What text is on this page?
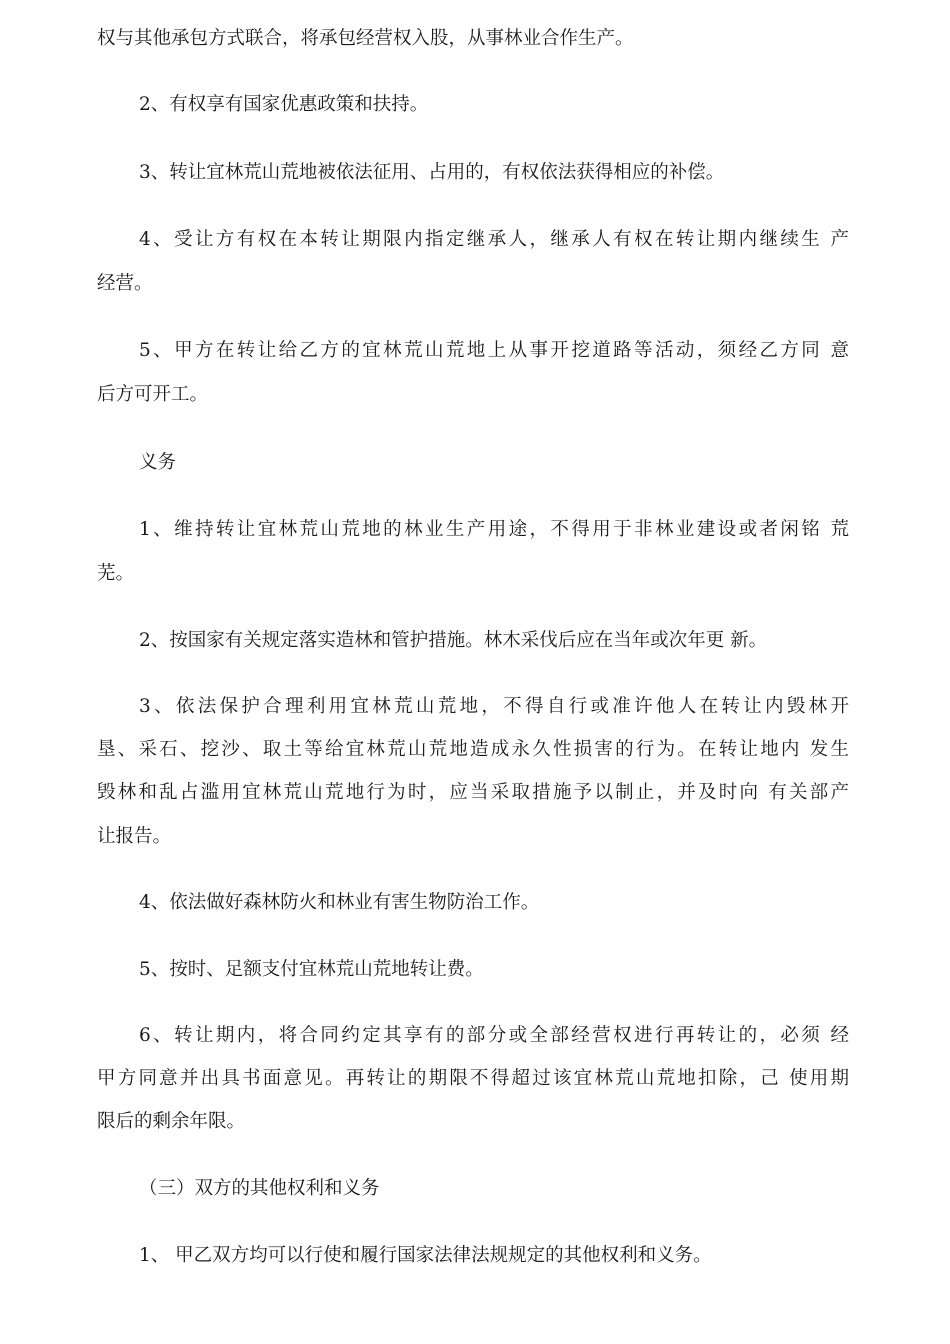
权与其他承包方式联合，将承包经营权入股，从事林业合作生产。
2、有权享有国家优惠政策和扶持。
3、转让宜林荒山荒地被依法征用、占用的，有权依法获得相应的补偿。
4、受让方有权在本转让期限内指定继承人，继承人有权在转让期内继续生 产
经营。
5、甲方在转让给乙方的宜林荒山荒地上从事开挖道路等活动，须经乙方同 意
后方可开工。
义务
1、维持转让宜林荒山荒地的林业生产用途，不得用于非林业建设或者闲铭 荒
芜。
2、按国家有关规定落实造林和管护措施。林木采伐后应在当年或次年更 新。
3、依法保护合理利用宜林荒山荒地，不得自行或准许他人在转让内毁林开
垦、采石、挖沙、取土等给宜林荒山荒地造成永久性损害的行为。在转让地内 发生
毁林和乱占滥用宜林荒山荒地行为时，应当采取措施予以制止，并及时向 有关部产
让报告。
4、依法做好森林防火和林业有害生物防治工作。
5、按时、足额支付宜林荒山荒地转让费。
6、转让期内，将合同约定其享有的部分或全部经营权进行再转让的，必须 经
甲方同意并出具书面意见。再转让的期限不得超过该宜林荒山荒地扣除，己 使用期
限后的剩余年限。
（三）双方的其他权利和义务
1、 甲乙双方均可以行使和履行国家法律法规规定的其他权利和义务。
